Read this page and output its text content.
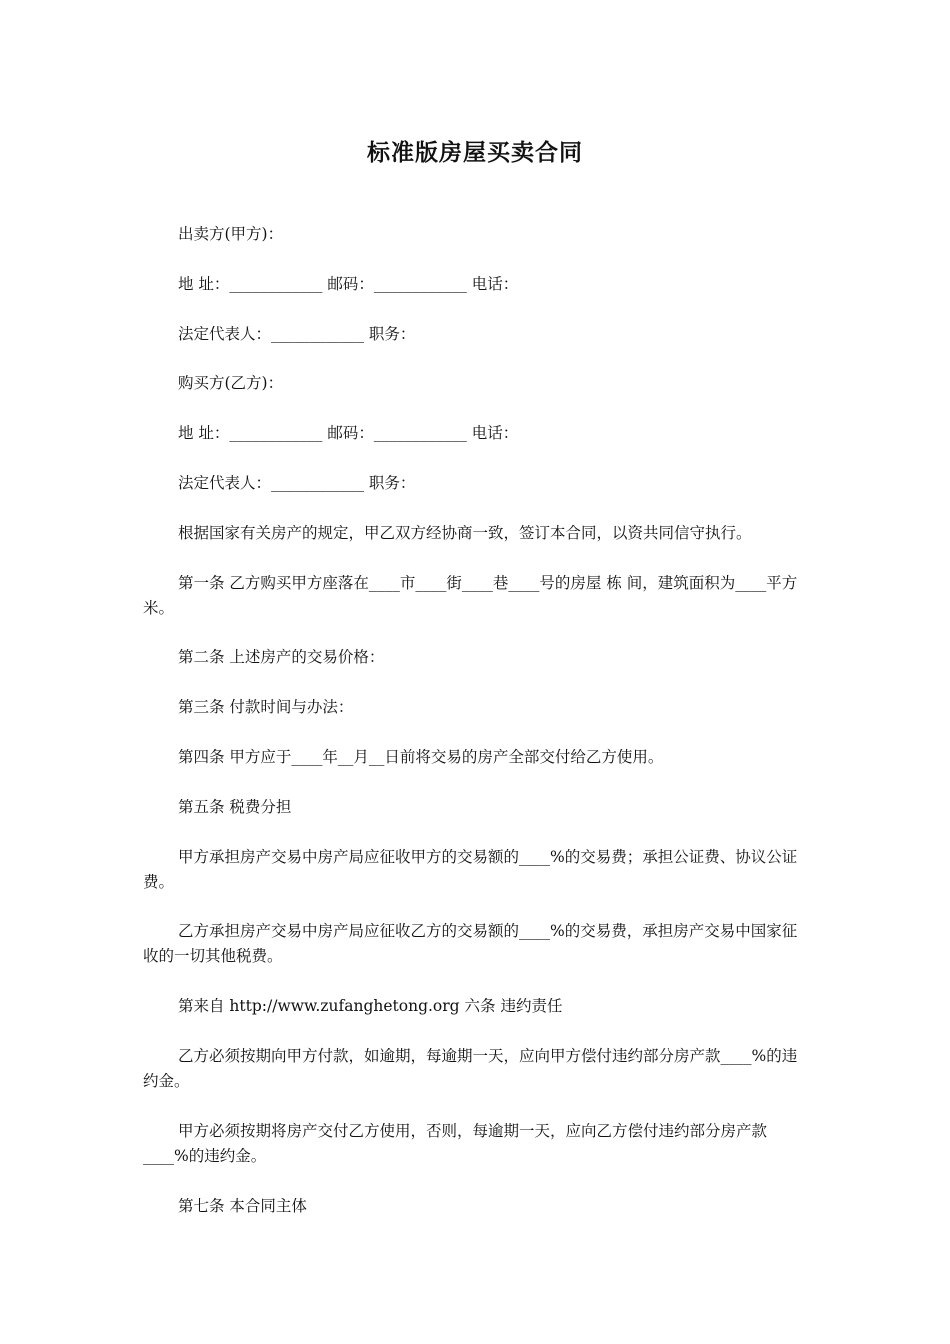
标准版房屋买卖合同

出卖方(甲方)：

地 址：____________ 邮码：____________ 电话：

法定代表人：____________ 职务：

购买方(乙方)：

地 址：____________ 邮码：____________ 电话：

法定代表人：____________ 职务：

根据国家有关房产的规定，甲乙双方经协商一致，签订本合同，以资共同信守执行。

第一条 乙方购买甲方座落在____市____街____巷____号的房屋 栋 间，建筑面积为____平方米。

第二条 上述房产的交易价格：

第三条 付款时间与办法：

第四条 甲方应于____年__月__日前将交易的房产全部交付给乙方使用。

第五条 税费分担

甲方承担房产交易中房产局应征收甲方的交易额的____%的交易费；承担公证费、协议公证费。

乙方承担房产交易中房产局应征收乙方的交易额的____%的交易费，承担房产交易中国家征收的一切其他税费。

第来自 http://www.zufanghetong.org 六条 违约责任

乙方必须按期向甲方付款，如逾期，每逾期一天，应向甲方偿付违约部分房产款____%的违约金。

甲方必须按期将房产交付乙方使用，否则，每逾期一天，应向乙方偿付违约部分房产款____%的违约金。

第七条 本合同主体
